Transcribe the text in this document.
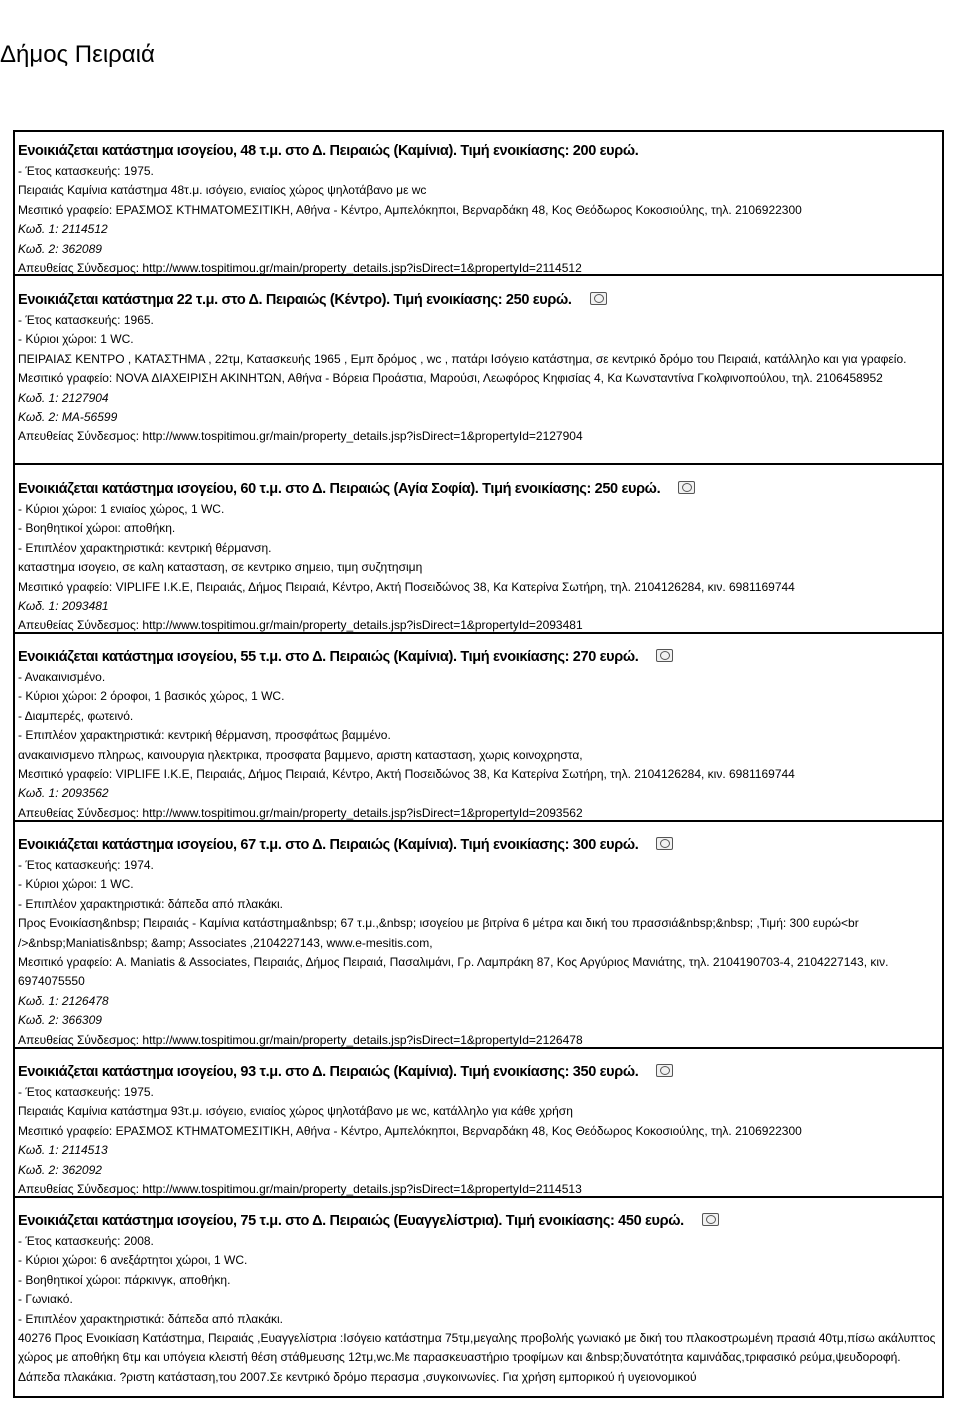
Δήμος Πειραιά
Ενοικιάζεται κατάστημα ισογείου, 48 τ.μ. στο Δ. Πειραιώς (Καμίνια). Τιμή ενοικίασης: 200 ευρώ.
- Έτος κατασκευής: 1975.
Πειραιάς Καμίνια κατάστημα 48τ.μ. ισόγειο, ενιαίος χώρος ψηλοτάβανο με wc
Μεσιτικό γραφείο: ΕΡΑΣΜΟΣ ΚΤΗΜΑΤΟΜΕΣΙΤΙΚΗ, Αθήνα - Κέντρο, Αμπελόκηποι, Βερναρδάκη 48, Κος Θεόδωρος Κοκοσιούλης, τηλ. 2106922300
Κωδ. 1: 2114512
Κωδ. 2: 362089
Απευθείας Σύνδεσμος: http://www.tospitimou.gr/main/property_details.jsp?isDirect=1&propertyId=2114512
Ενοικιάζεται κατάστημα 22 τ.μ. στο Δ. Πειραιώς (Κέντρο). Τιμή ενοικίασης: 250 ευρώ.
- Έτος κατασκευής: 1965.
- Κύριοι χώροι: 1 WC.
ΠΕΙΡΑΙΑΣ ΚΕΝΤΡΟ , ΚΑΤΑΣΤΗΜΑ , 22τμ, Κατασκευής 1965 , Εμπ δρόμος , wc , πατάρι Ισόγειο κατάστημα, σε κεντρικό δρόμο του Πειραιά, κατάλληλο και για γραφείο.
Μεσιτικό γραφείο: NOVA ΔΙΑΧΕΙΡΙΣΗ ΑΚΙΝΗΤΩΝ, Αθήνα - Βόρεια Προάστια, Μαρούσι, Λεωφόρος Κηφισίας 4, Κα Κωνσταντίνα Γκολφινοπούλου, τηλ. 2106458952
Κωδ. 1: 2127904
Κωδ. 2: MA-56599
Απευθείας Σύνδεσμος: http://www.tospitimou.gr/main/property_details.jsp?isDirect=1&propertyId=2127904
Ενοικιάζεται κατάστημα ισογείου, 60 τ.μ. στο Δ. Πειραιώς (Αγία Σοφία). Τιμή ενοικίασης: 250 ευρώ.
- Κύριοι χώροι: 1 ενιαίος χώρος, 1 WC.
- Βοηθητικοί χώροι: αποθήκη.
- Επιπλέον χαρακτηριστικά: κεντρική θέρμανση.
καταστημα ισογειο, σε καλη κατασταση, σε κεντρικο σημειο, τιμη συζητησιμη
Μεσιτικό γραφείο: VIPLIFE I.K.E, Πειραιάς, Δήμος Πειραιά, Κέντρο, Ακτή Ποσειδώνος 38, Κα Κατερίνα Σωτήρη, τηλ. 2104126284, κιν. 6981169744
Κωδ. 1: 2093481
Απευθείας Σύνδεσμος: http://www.tospitimou.gr/main/property_details.jsp?isDirect=1&propertyId=2093481
Ενοικιάζεται κατάστημα ισογείου, 55 τ.μ. στο Δ. Πειραιώς (Καμίνια). Τιμή ενοικίασης: 270 ευρώ.
- Ανακαινισμένο.
- Κύριοι χώροι: 2 όροφοι, 1 βασικός χώρος, 1 WC.
- Διαμπερές, φωτεινό.
- Επιπλέον χαρακτηριστικά: κεντρική θέρμανση, προσφάτως βαμμένο.
ανακαινισμενο πληρως, καινουργια ηλεκτρικα, προσφατα βαμμενο, αριστη κατασταση, χωρις κοινοχρηστα,
Μεσιτικό γραφείο: VIPLIFE I.K.E, Πειραιάς, Δήμος Πειραιά, Κέντρο, Ακτή Ποσειδώνος 38, Κα Κατερίνα Σωτήρη, τηλ. 2104126284, κιν. 6981169744
Κωδ. 1: 2093562
Απευθείας Σύνδεσμος: http://www.tospitimou.gr/main/property_details.jsp?isDirect=1&propertyId=2093562
Ενοικιάζεται κατάστημα ισογείου, 67 τ.μ. στο Δ. Πειραιώς (Καμίνια). Τιμή ενοικίασης: 300 ευρώ.
- Έτος κατασκευής: 1974.
- Κύριοι χώροι: 1 WC.
- Επιπλέον χαρακτηριστικά: δάπεδα από πλακάκι.
Προς Ενοικίαση&nbsp; Πειραιάς - Καμίνια κατάστημα&nbsp; 67 τ.μ.,&nbsp; ισογείου με βιτρίνα 6 μέτρα και δική του πρασσιά&nbsp;&nbsp; ,Τιμή: 300 ευρώ<br />&nbsp;Maniatis&nbsp; &amp; Associates ,2104227143, www.e-mesitis.com,
Μεσιτικό γραφείο: A. Maniatis & Associates, Πειραιάς, Δήμος Πειραιά, Πασαλιμάνι, Γρ. Λαμπράκη 87, Κος Αργύριος Μανιάτης, τηλ. 2104190703-4, 2104227143, κιν. 6974075550
Κωδ. 1: 2126478
Κωδ. 2: 366309
Απευθείας Σύνδεσμος: http://www.tospitimou.gr/main/property_details.jsp?isDirect=1&propertyId=2126478
Ενοικιάζεται κατάστημα ισογείου, 93 τ.μ. στο Δ. Πειραιώς (Καμίνια). Τιμή ενοικίασης: 350 ευρώ.
- Έτος κατασκευής: 1975.
Πειραιάς Καμίνια κατάστημα 93τ.μ. ισόγειο, ενιαίος χώρος ψηλοτάβανο με wc, κατάλληλο για κάθε χρήση
Μεσιτικό γραφείο: ΕΡΑΣΜΟΣ ΚΤΗΜΑΤΟΜΕΣΙΤΙΚΗ, Αθήνα - Κέντρο, Αμπελόκηποι, Βερναρδάκη 48, Κος Θεόδωρος Κοκοσιούλης, τηλ. 2106922300
Κωδ. 1: 2114513
Κωδ. 2: 362092
Απευθείας Σύνδεσμος: http://www.tospitimou.gr/main/property_details.jsp?isDirect=1&propertyId=2114513
Ενοικιάζεται κατάστημα ισογείου, 75 τ.μ. στο Δ. Πειραιώς (Ευαγγελίστρια). Τιμή ενοικίασης: 450 ευρώ.
- Έτος κατασκευής: 2008.
- Κύριοι χώροι: 6 ανεξάρτητοι χώροι, 1 WC.
- Βοηθητικοί χώροι: πάρκινγκ, αποθήκη.
- Γωνιακό.
- Επιπλέον χαρακτηριστικά: δάπεδα από πλακάκι.
40276 Προς Ενοικίαση Κατάστημα, Πειραιάς ,Ευαγγελίστρια :Ισόγειο κατάστημα 75τμ,μεγαλης προβολής γωνιακό με δική του πλακοστρωμένη πρασιά 40τμ,πίσω ακάλυπτος χώρος με αποθήκη 6τμ και υπόγεια κλειστή θέση στάθμευσης 12τμ,wc.Με παρασκευαστήριο τροφίμων και &nbsp;δυνατότητα καμινάδας,τριφασικό ρεύμα,ψευδοροφή. Δάπεδα πλακάκια. ?ριστη κατάσταση,του 2007.Σε κεντρικό δρόμο περασμα ,συγκοινωνίες. Για χρήση εμπορικού ή υγειονομικού
